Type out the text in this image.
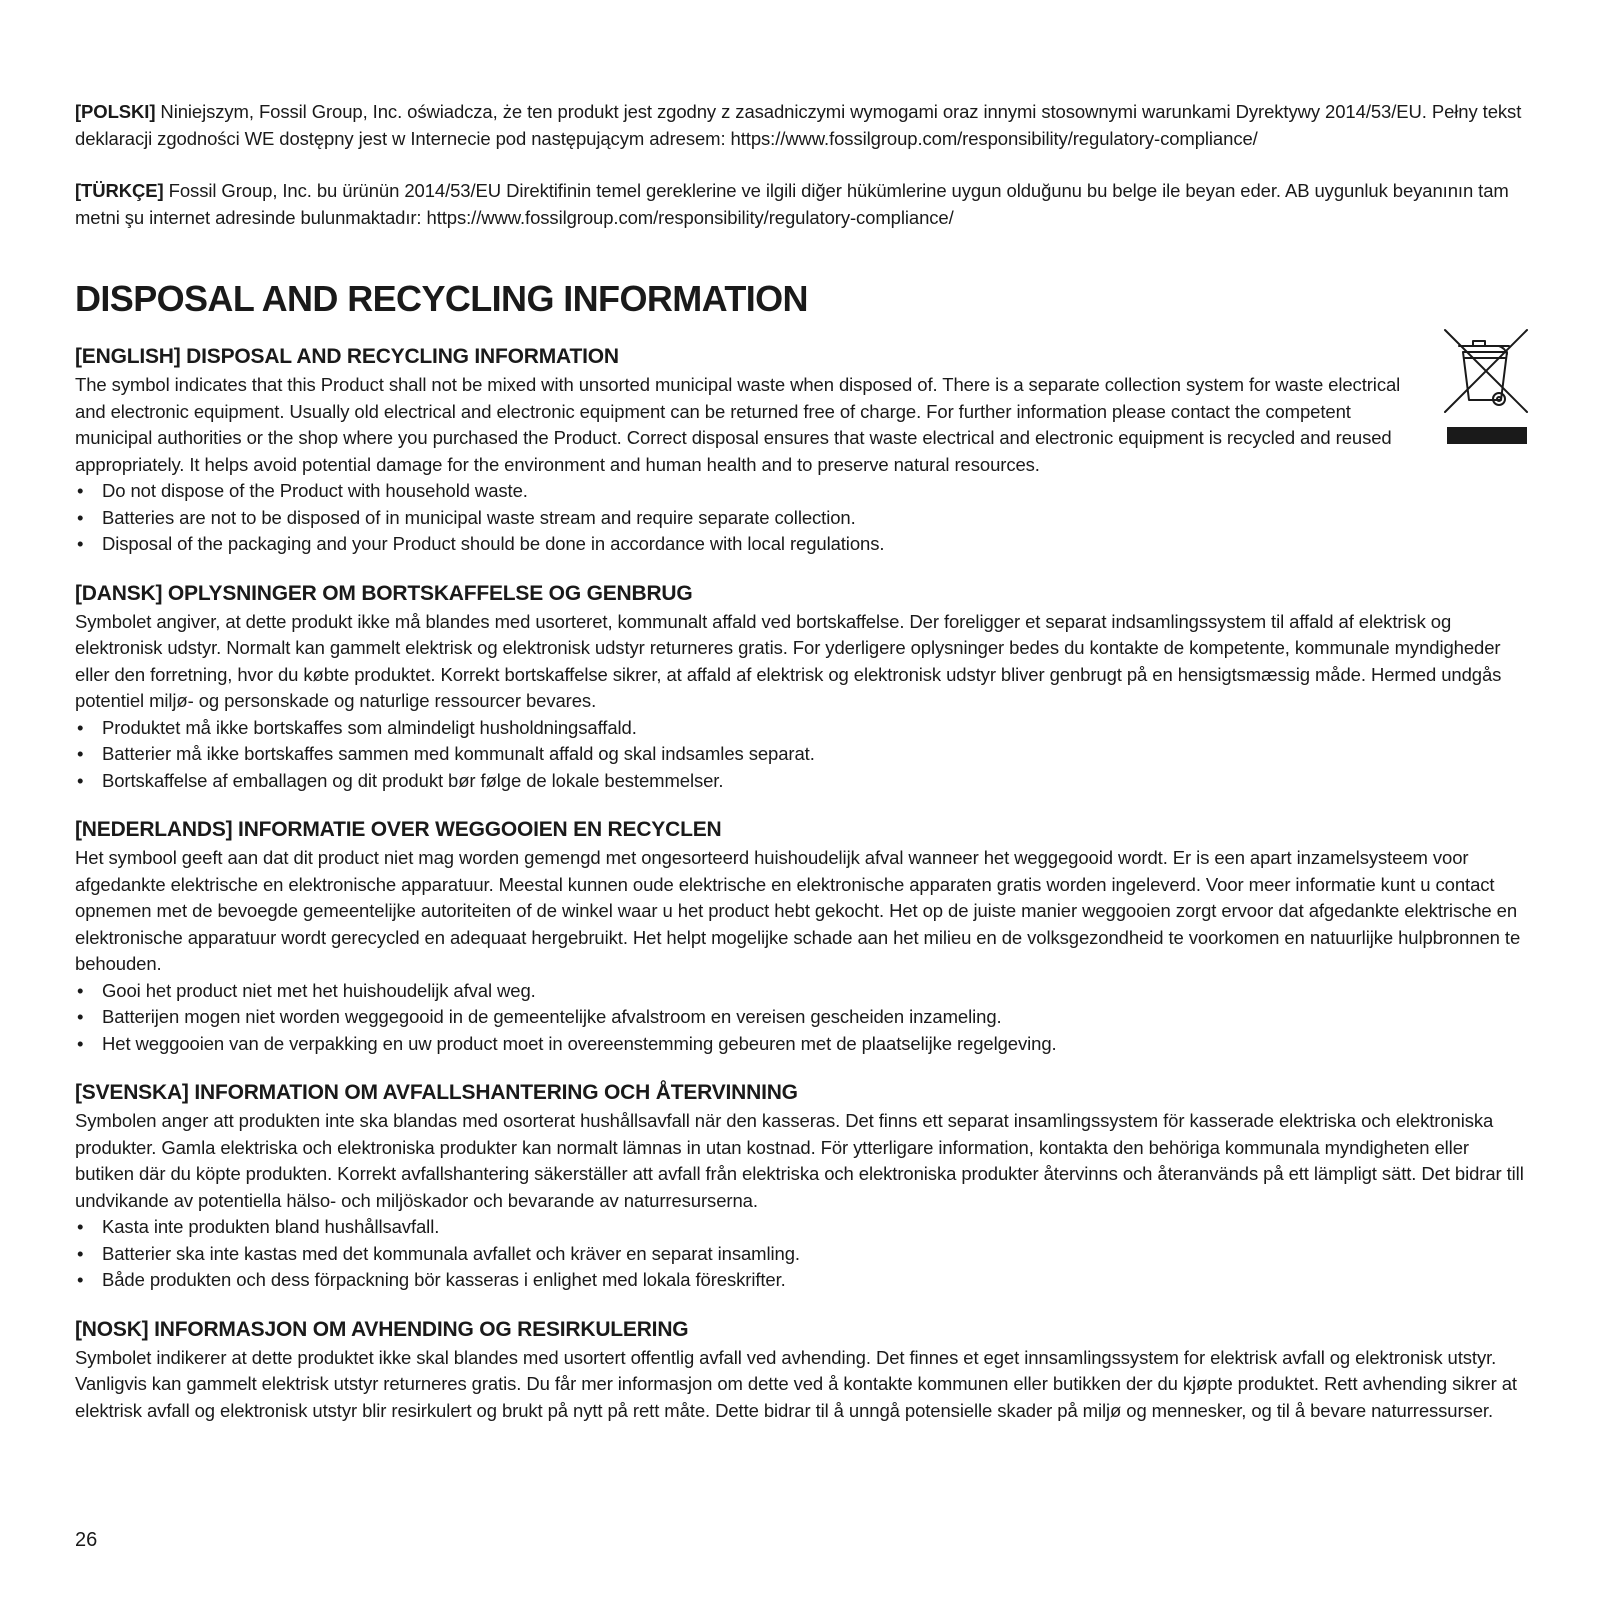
[POLSKI] Niniejszym, Fossil Group, Inc. oświadcza, że ten produkt jest zgodny z zasadniczymi wymogami oraz innymi stosownymi warunkami Dyrektywy 2014/53/EU. Pełny tekst deklaracji zgodności WE dostępny jest w Internecie pod następującym adresem: https://www.fossilgroup.com/responsibility/regulatory-compliance/

[TÜRKÇE] Fossil Group, Inc. bu ürünün 2014/53/EU Direktifinin temel gereklerine ve ilgili diğer hükümlerine uygun olduğunu bu belge ile beyan eder. AB uygunluk beyanının tam metni şu internet adresinde bulunmaktadır: https://www.fossilgroup.com/responsibility/regulatory-compliance/

DISPOSAL AND RECYCLING INFORMATION
[ENGLISH] DISPOSAL AND RECYCLING INFORMATION

The symbol indicates that this Product shall not be mixed with unsorted municipal waste when disposed of. There is a separate collection system for waste electrical and electronic equipment. Usually old electrical and electronic equipment can be returned free of charge. For further information please contact the competent municipal authorities or the shop where you purchased the Product. Correct disposal ensures that waste electrical and electronic equipment is recycled and reused appropriately. It helps avoid potential damage for the environment and human health and to preserve natural resources.

• Do not dispose of the Product with household waste.
• Batteries are not to be disposed of in municipal waste stream and require separate collection.
• Disposal of the packaging and your Product should be done in accordance with local regulations.
[DANSK] OPLYSNINGER OM BORTSKAFFELSE OG GENBRUG

Symbolet angiver, at dette produkt ikke må blandes med usorteret, kommunalt affald ved bortskaffelse. Der foreligger et separat indsamlingssystem til affald af elektrisk og elektronisk udstyr. Normalt kan gammelt elektrisk og elektronisk udstyr returneres gratis. For yderligere oplysninger bedes du kontakte de kompetente, kommunale myndigheder eller den forretning, hvor du købte produktet. Korrekt bortskaffelse sikrer, at affald af elektrisk og elektronisk udstyr bliver genbrugt på en hensigtsmæssig måde. Hermed undgås potentiel miljø- og personskade og naturlige ressourcer bevares.

• Produktet må ikke bortskaffes som almindeligt husholdningsaffald.
• Batterier må ikke bortskaffes sammen med kommunalt affald og skal indsamles separat.
• Bortskaffelse af emballagen og dit produkt bør følge de lokale bestemmelser.
[NEDERLANDS] INFORMATIE OVER WEGGOOIEN EN RECYCLEN

Het symbool geeft aan dat dit product niet mag worden gemengd met ongesorteerd huishoudelijk afval wanneer het weggegooid wordt. Er is een apart inzamelsysteem voor afgedankte elektrische en elektronische apparatuur. Meestal kunnen oude elektrische en elektronische apparaten gratis worden ingeleverd. Voor meer informatie kunt u contact opnemen met de bevoegde gemeentelijke autoriteiten of de winkel waar u het product hebt gekocht. Het op de juiste manier weggooien zorgt ervoor dat afgedankte elektrische en elektronische apparatuur wordt gerecycled en adequaat hergebruikt. Het helpt mogelijke schade aan het milieu en de volksgezondheid te voorkomen en natuurlijke hulpbronnen te behouden.

• Gooi het product niet met het huishoudelijk afval weg.
• Batterijen mogen niet worden weggegooid in de gemeentelijke afvalstroom en vereisen gescheiden inzameling.
• Het weggooien van de verpakking en uw product moet in overeenstemming gebeuren met de plaatselijke regelgeving.
[SVENSKA] INFORMATION OM AVFALLSHANTERING OCH ÅTERVINNING

Symbolen anger att produkten inte ska blandas med osorterat hushållsavfall när den kasseras. Det finns ett separat insamlingssystem för kasserade elektriska och elektroniska produkter. Gamla elektriska och elektroniska produkter kan normalt lämnas in utan kostnad. För ytterligare information, kontakta den behöriga kommunala myndigheten eller butiken där du köpte produkten. Korrekt avfallshantering säkerställer att avfall från elektriska och elektroniska produkter återvinns och återanvänds på ett lämpligt sätt. Det bidrar till undvikande av potentiella hälso- och miljöskador och bevarande av naturresurserna.

• Kasta inte produkten bland hushållsavfall.
• Batterier ska inte kastas med det kommunala avfallet och kräver en separat insamling.
• Både produkten och dess förpackning bör kasseras i enlighet med lokala föreskrifter.
[NOSK] INFORMASJON OM AVHENDING OG RESIRKULERING

Symbolet indikerer at dette produktet ikke skal blandes med usortert offentlig avfall ved avhending. Det finnes et eget innsamlingssystem for elektrisk avfall og elektronisk utstyr. Vanligvis kan gammelt elektrisk utstyr returneres gratis. Du får mer informasjon om dette ved å kontakte kommunen eller butikken der du kjøpte produktet. Rett avhending sikrer at elektrisk avfall og elektronisk utstyr blir resirkulert og brukt på nytt på rett måte. Dette bidrar til å unngå potensielle skader på miljø og mennesker, og til å bevare naturressurser.

26
